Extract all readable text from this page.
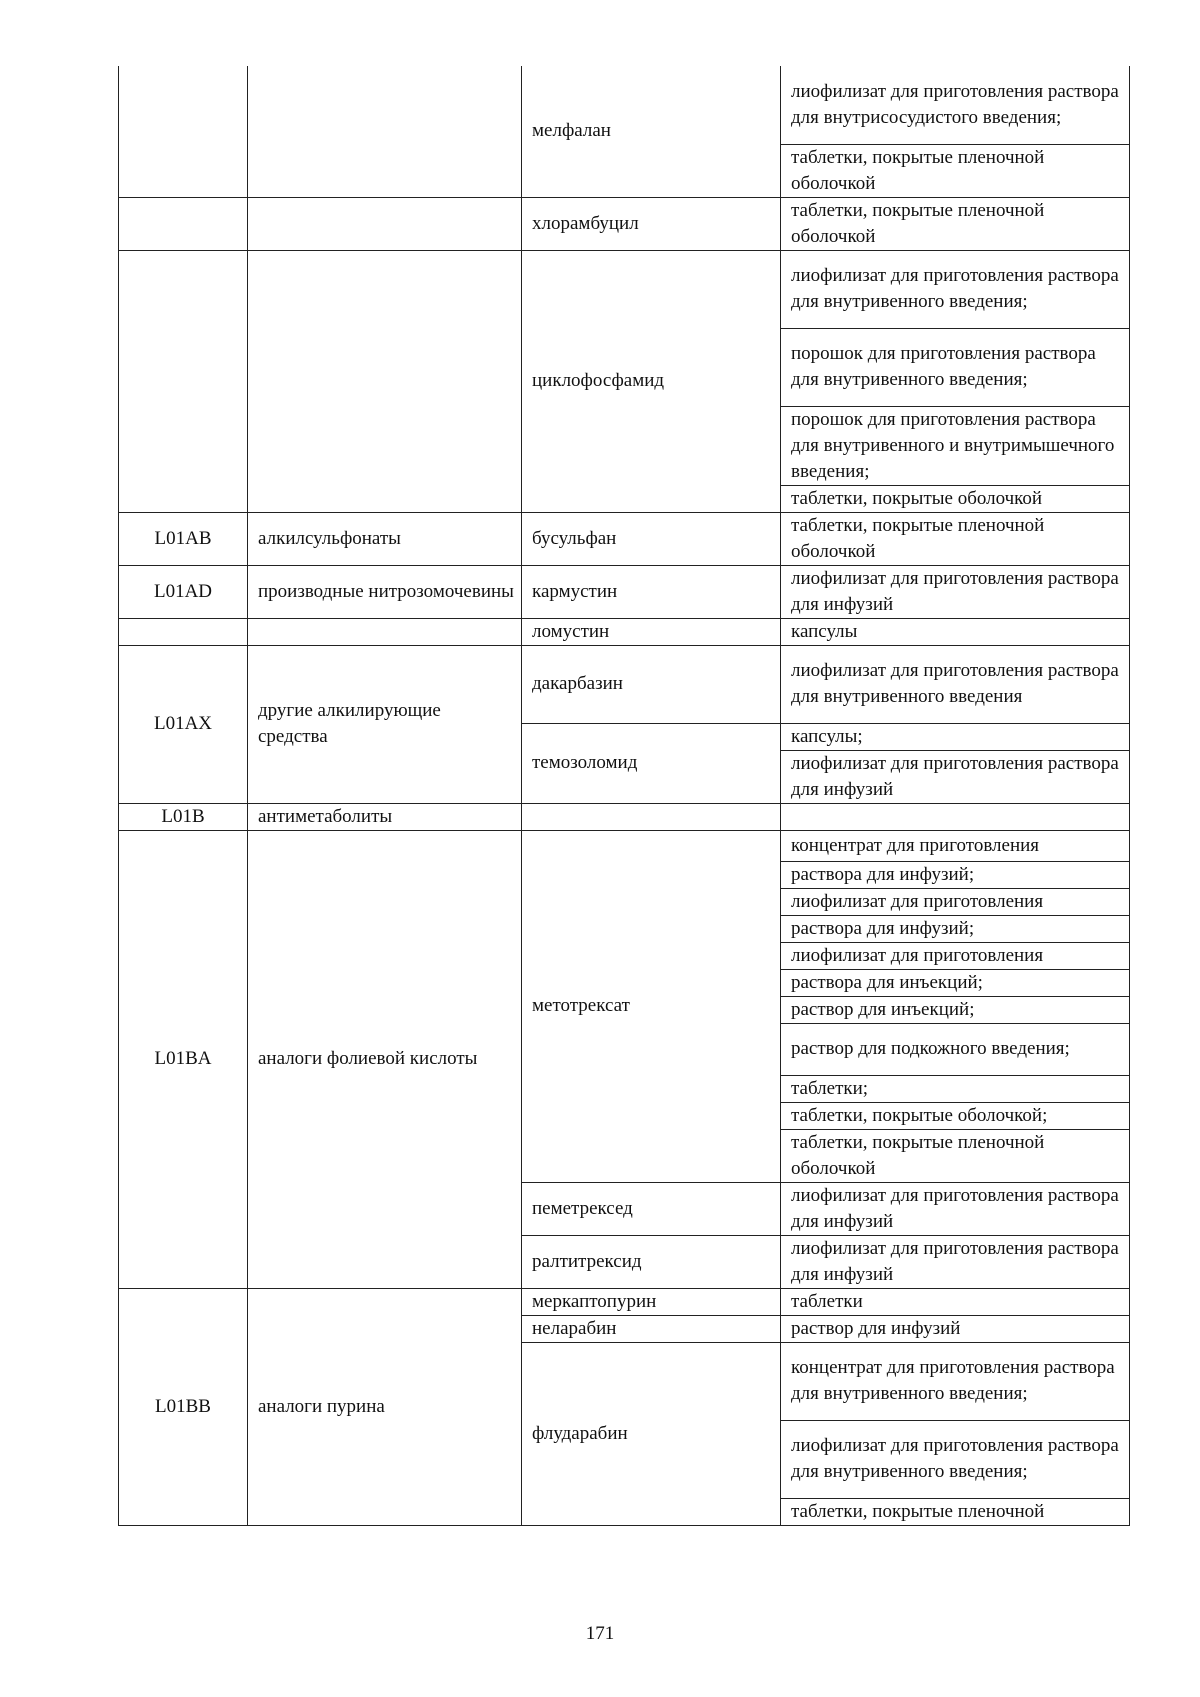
		мелфалан	лиофилизат для приготовления раствора для внутрисосудистого введения;
			таблетки, покрытые пленочной оболочкой
		хлорамбуцил	таблетки, покрытые пленочной оболочкой
		циклофосфамид	лиофилизат для приготовления раствора для внутривенного введения;
			порошок для приготовления раствора для внутривенного введения;
			порошок для приготовления раствора для внутривенного и внутримышечного введения;
			таблетки, покрытые оболочкой
L01AB	алкилсульфонаты	бусульфан	таблетки, покрытые пленочной оболочкой
L01AD	производные нитрозомочевины	кармустин	лиофилизат для приготовления раствора для инфузий
		ломустин	капсулы
L01AX	другие алкилирующие средства	дакарбазин	лиофилизат для приготовления раствора для внутривенного введения
		темозоломид	капсулы;
			лиофилизат для приготовления раствора для инфузий
L01B	антиметаболиты		
L01BA	аналоги фолиевой кислоты	метотрексат	концентрат для приготовления
			раствора для инфузий;
			лиофилизат для приготовления
			раствора для инфузий;
			лиофилизат для приготовления
			раствора для инъекций;
			раствор для инъекций;
			раствор для подкожного введения;
			таблетки;
			таблетки, покрытые оболочкой;
			таблетки, покрытые пленочной оболочкой
		пеметрексед	лиофилизат для приготовления раствора для инфузий
		ралтитрексид	лиофилизат для приготовления раствора для инфузий
L01BB	аналоги пурина	меркаптопурин	таблетки
		неларабин	раствор для инфузий
		флударабин	концентрат для приготовления раствора для внутривенного введения;
			лиофилизат для приготовления раствора для внутривенного введения;
			таблетки, покрытые пленочной
171
